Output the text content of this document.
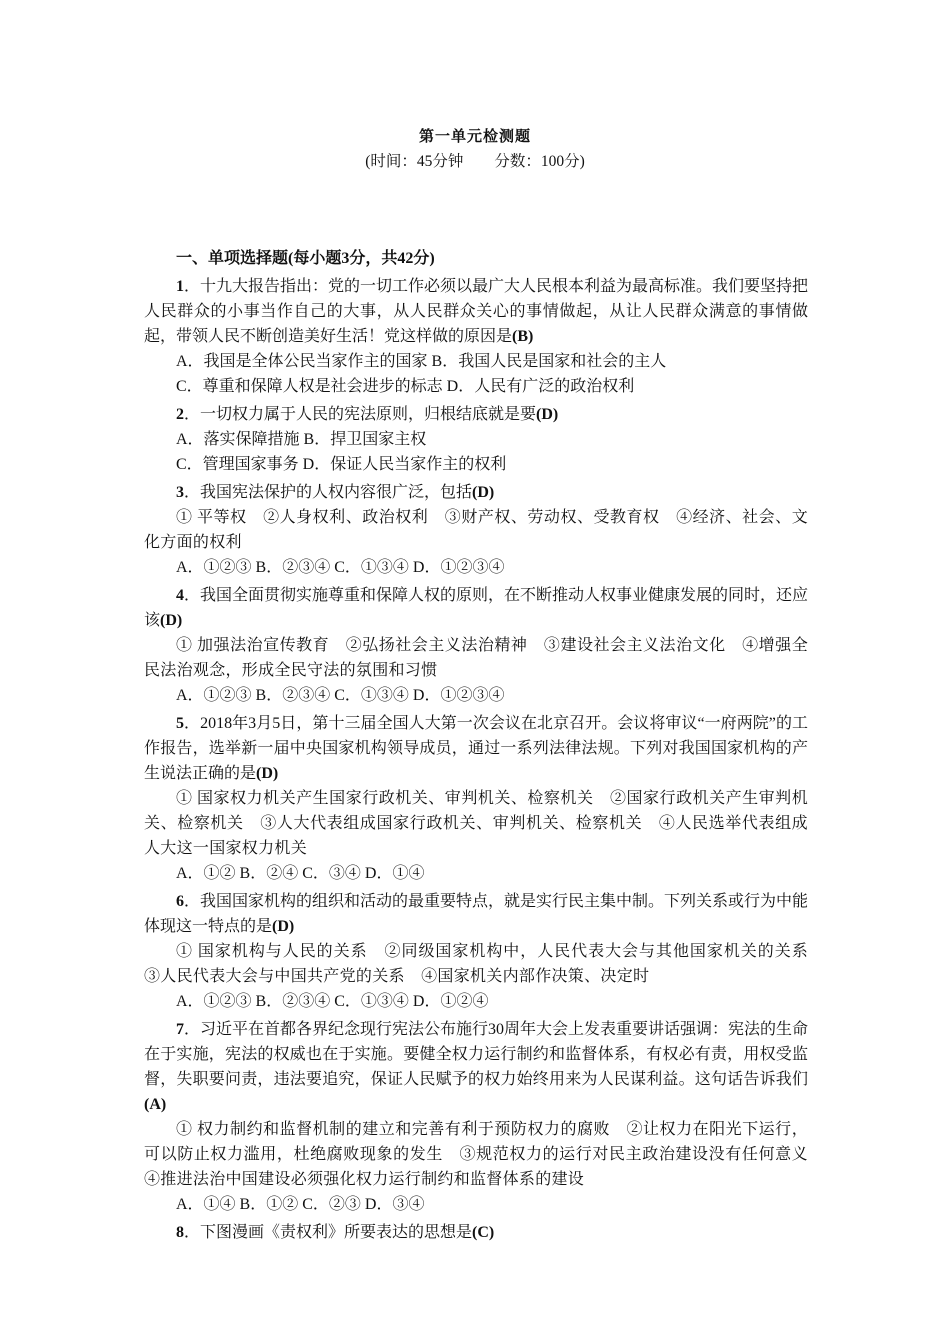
第一单元检测题
(时间：45分钟　　分数：100分)
一、单项选择题(每小题3分，共42分)
1．十九大报告指出：党的一切工作必须以最广大人民根本利益为最高标准。我们要坚持把人民群众的小事当作自己的大事，从人民群众关心的事情做起，从让人民群众满意的事情做起，带领人民不断创造美好生活！党这样做的原因是(B)
A．我国是全体公民当家作主的国家 B．我国人民是国家和社会的主人
C．尊重和保障人权是社会进步的标志 D．人民有广泛的政治权利
2．一切权力属于人民的宪法原则，归根结底就是要(D)
A．落实保障措施 B．捍卫国家主权
C．管理国家事务 D．保证人民当家作主的权利
3．我国宪法保护的人权内容很广泛，包括(D)
① 平等权　②人身权利、政治权利　③财产权、劳动权、受教育权　④经济、社会、文化方面的权利
A．①②③ B．②③④ C．①③④ D．①②③④
4．我国全面贯彻实施尊重和保障人权的原则，在不断推动人权事业健康发展的同时，还应该(D)
① 加强法治宣传教育　②弘扬社会主义法治精神　③建设社会主义法治文化　④增强全民法治观念，形成全民守法的氛围和习惯
A．①②③ B．②③④ C．①③④ D．①②③④
5．2018年3月5日，第十三届全国人大第一次会议在北京召开。会议将审议“一府两院”的工作报告，选举新一届中央国家机构领导成员，通过一系列法律法规。下列对我国国家机构的产生说法正确的是(D)
① 国家权力机关产生国家行政机关、审判机关、检察机关　②国家行政机关产生审判机关、检察机关　③人大代表组成国家行政机关、审判机关、检察机关　④人民选举代表组成人大这一国家权力机关
A．①② B．②④ C．③④ D．①④
6．我国国家机构的组织和活动的最重要特点，就是实行民主集中制。下列关系或行为中能体现这一特点的是(D)
① 国家机构与人民的关系　②同级国家机构中，人民代表大会与其他国家机关的关系　③人民代表大会与中国共产党的关系　④国家机关内部作决策、决定时
A．①②③ B．②③④ C．①③④ D．①②④
7．习近平在首都各界纪念现行宪法公布施行30周年大会上发表重要讲话强调：宪法的生命在于实施，宪法的权威也在于实施。要健全权力运行制约和监督体系，有权必有责，用权受监督，失职要问责，违法要追究，保证人民赋予的权力始终用来为人民谋利益。这句话告诉我们(A)
① 权力制约和监督机制的建立和完善有利于预防权力的腐败　②让权力在阳光下运行，可以防止权力滥用，杜绝腐败现象的发生　③规范权力的运行对民主政治建设没有任何意义　④推进法治中国建设必须强化权力运行制约和监督体系的建设
A．①④ B．①② C．②③ D．③④
8．下图漫画《责权利》所要表达的思想是(C)
